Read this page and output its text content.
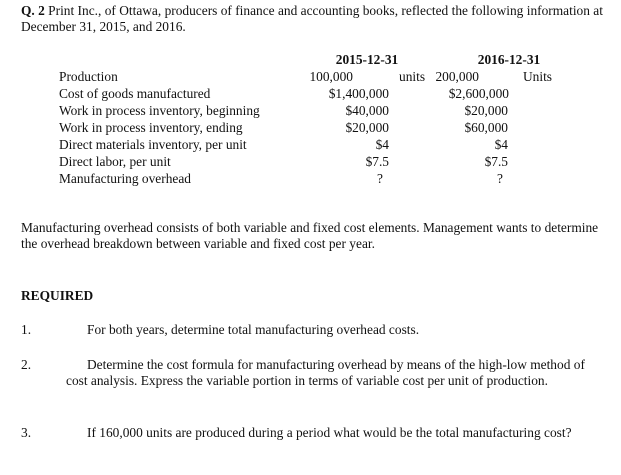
Q. 2 Print Inc., of Ottawa, producers of finance and accounting books, reflected the following information at December 31, 2015, and 2016.
2015-12-31	2016-12-31
Production	100,000	units 200,000	Units
Cost of goods manufactured	$1,400,000	$2,600,000
Work in process inventory, beginning	$40,000	$20,000
Work in process inventory, ending	$20,000	$60,000
Direct materials inventory, per unit	$4	$4
Direct labor, per unit	$7.5	$7.5
Manufacturing overhead	?	?
Manufacturing overhead consists of both variable and fixed cost elements. Management wants to determine the overhead breakdown between variable and fixed cost per year.
REQUIRED
1.	For both years, determine total manufacturing overhead costs.
2.	Determine the cost formula for manufacturing overhead by means of the high-low method of cost analysis. Express the variable portion in terms of variable cost per unit of production.
3.	If 160,000 units are produced during a period what would be the total manufacturing cost?
